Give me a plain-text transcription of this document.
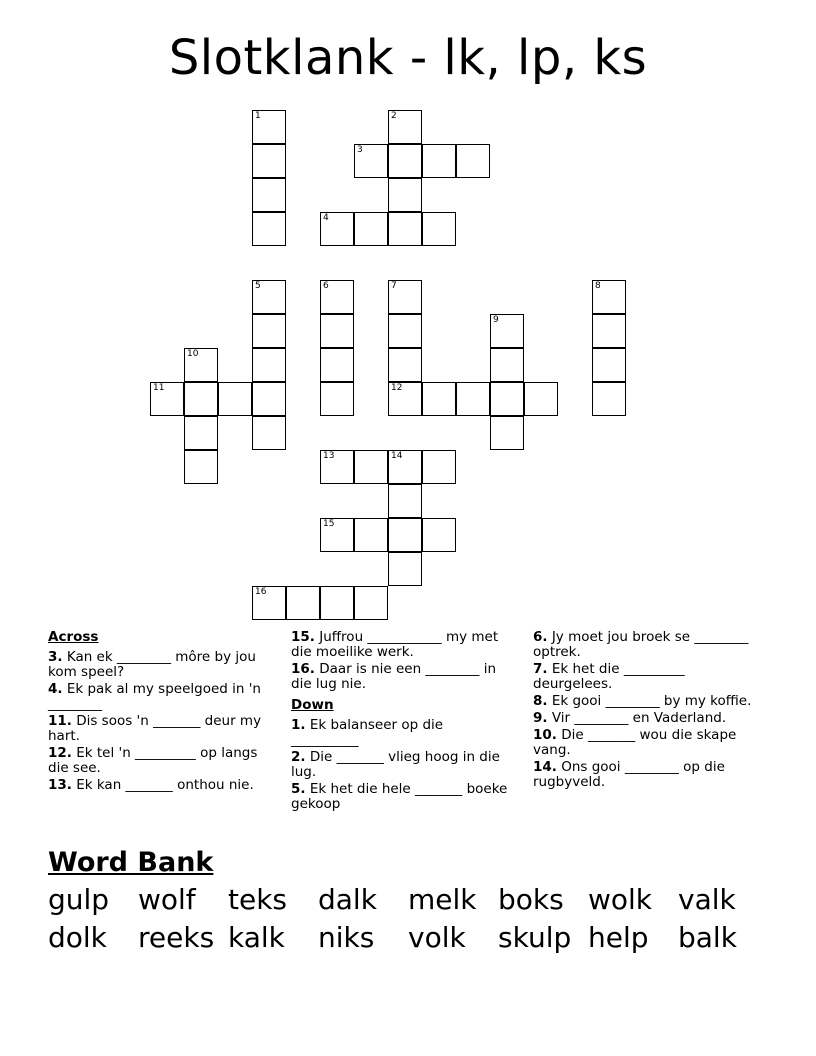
Slotklank - lk, lp, ks
1	2
3
4
5	6	7	8
9
10
11	12
13	14
15
16
Across
3. Kan ek ________ môre by jou kom speel?
4. Ek pak al my speelgoed in 'n ________
11. Dis soos 'n _______ deur my hart.
12. Ek tel 'n _________ op langs die see.
13. Ek kan _______ onthou nie.
15. Juffrou ___________ my met die moeilike werk.
16. Daar is nie een ________ in die lug nie.
Down
1. Ek balanseer op die __________
2. Die _______ vlieg hoog in die lug.
5. Ek het die hele _______ boeke gekoop
6. Jy moet jou broek se ________ optrek.
7. Ek het die _________ deurgelees.
8. Ek gooi ________ by my koffie.
9. Vir ________ en Vaderland.
10. Die _______ wou die skape vang.
14. Ons gooi ________ op die rugbyveld.
Word Bank
gulp wolf teks dalk melk boks wolk valk
dolk reeks kalk niks volk skulp help balk
